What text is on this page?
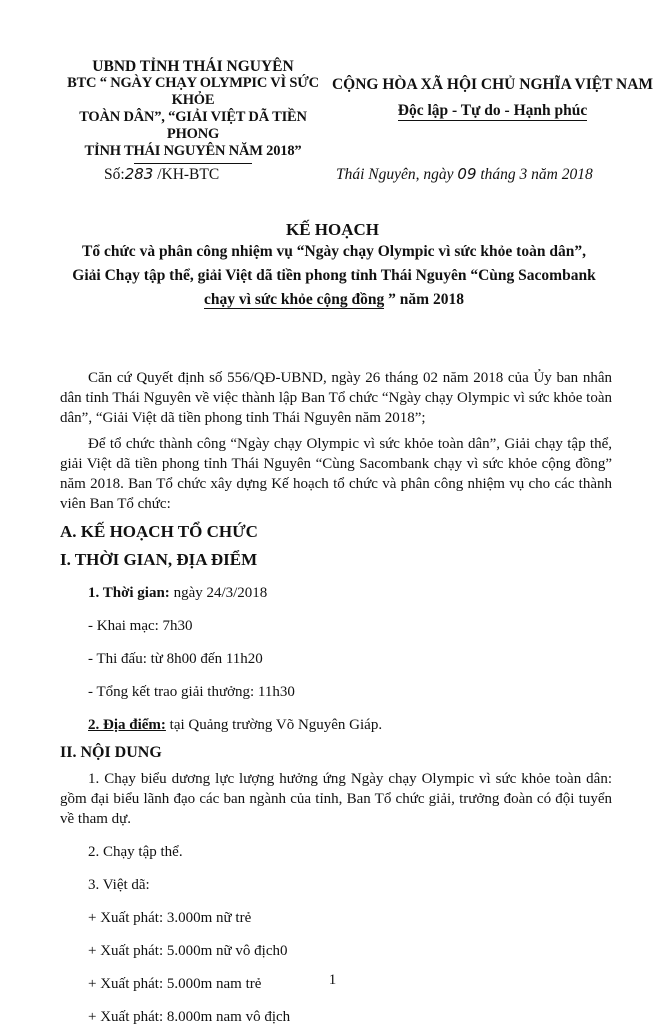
UBND TỈNH THÁI NGUYÊN
BTC “ NGÀY CHẠY OLYMPIC VÌ SỨC KHỎE
TOÀN DÂN”, “GIẢI VIỆT DÃ TIỀN PHONG
TỈNH THÁI NGUYÊN NĂM 2018”
CỘNG HÒA XÃ HỘI CHỦ NGHĨA VIỆT NAM
Độc lập - Tự do - Hạnh phúc
Số:283 /KH-BTC	Thái Nguyên, ngày 09 tháng 3 năm 2018
KẾ HOẠCH
Tổ chức và phân công nhiệm vụ “Ngày chạy Olympic vì sức khỏe toàn dân”, Giải Chạy tập thể, giải Việt dã tiền phong tỉnh Thái Nguyên “Cùng Sacombank chạy vì sức khỏe cộng đồng ” năm 2018

Căn cứ Quyết định số 556/QĐ-UBND, ngày 26 tháng 02 năm 2018 của Ủy ban nhân dân tỉnh Thái Nguyên về việc thành lập Ban Tổ chức “Ngày chạy Olympic vì sức khỏe toàn dân”, “Giải Việt dã tiền phong tỉnh Thái Nguyên năm 2018”;

Để tổ chức thành công “Ngày chạy Olympic vì sức khỏe toàn dân”, Giải chạy tập thể, giải Việt dã tiền phong tỉnh Thái Nguyên “Cùng Sacombank chạy vì sức khỏe cộng đồng” năm 2018. Ban Tổ chức xây dựng Kế hoạch tổ chức và phân công nhiệm vụ cho các thành viên Ban Tổ chức:

A. KẾ HOẠCH TỔ CHỨC

I. THỜI GIAN, ĐỊA ĐIỂM

1. Thời gian: ngày 24/3/2018

- Khai mạc: 7h30

- Thi đấu: từ 8h00 đến 11h20

- Tổng kết trao giải thưởng: 11h30

2. Địa điểm: tại Quảng trường Võ Nguyên Giáp.

II. NỘI DUNG

1. Chạy biểu dương lực lượng hưởng ứng Ngày chạy Olympic vì sức khỏe toàn dân: gồm đại biểu lãnh đạo các ban ngành của tỉnh, Ban Tổ chức giải, trưởng đoàn có đội tuyển về tham dự.

2. Chạy tập thể.

3. Việt dã:

+ Xuất phát: 3.000m nữ trẻ

+ Xuất phát: 5.000m nữ vô địch0

+ Xuất phát: 5.000m nam trẻ

+ Xuất phát: 8.000m nam vô địch

1
